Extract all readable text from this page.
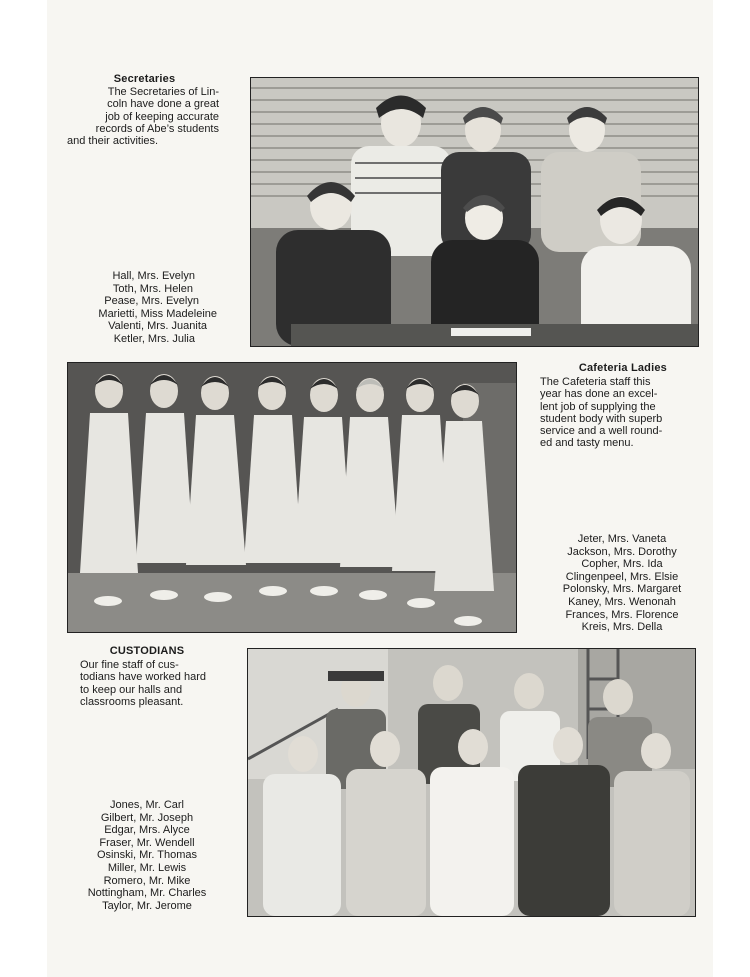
Secretaries
The Secretaries of Lin-
coln have done a great
job of keeping accurate
records of Abe’s students
and their activities.
Hall, Mrs. Evelyn
Toth, Mrs. Helen
Pease, Mrs. Evelyn
Marietti, Miss Madeleine
Valenti, Mrs. Juanita
Ketler, Mrs. Julia
Cafeteria Ladies
The Cafeteria staff this
year has done an excel-
lent job of supplying the
student body with superb
service and a well round-
ed and tasty menu.
Jeter, Mrs. Vaneta
Jackson, Mrs. Dorothy
Copher, Mrs. Ida
Clingenpeel, Mrs. Elsie
Polonsky, Mrs. Margaret
Kaney, Mrs. Wenonah
Frances, Mrs. Florence
Kreis, Mrs. Della
CUSTODIANS
Our fine staff of cus-
todians have worked hard
to keep our halls and
classrooms pleasant.
Jones, Mr. Carl
Gilbert, Mr. Joseph
Edgar, Mrs. Alyce
Fraser, Mr. Wendell
Osinski, Mr. Thomas
Miller, Mr. Lewis
Romero, Mr. Mike
Nottingham, Mr. Charles
Taylor, Mr. Jerome
